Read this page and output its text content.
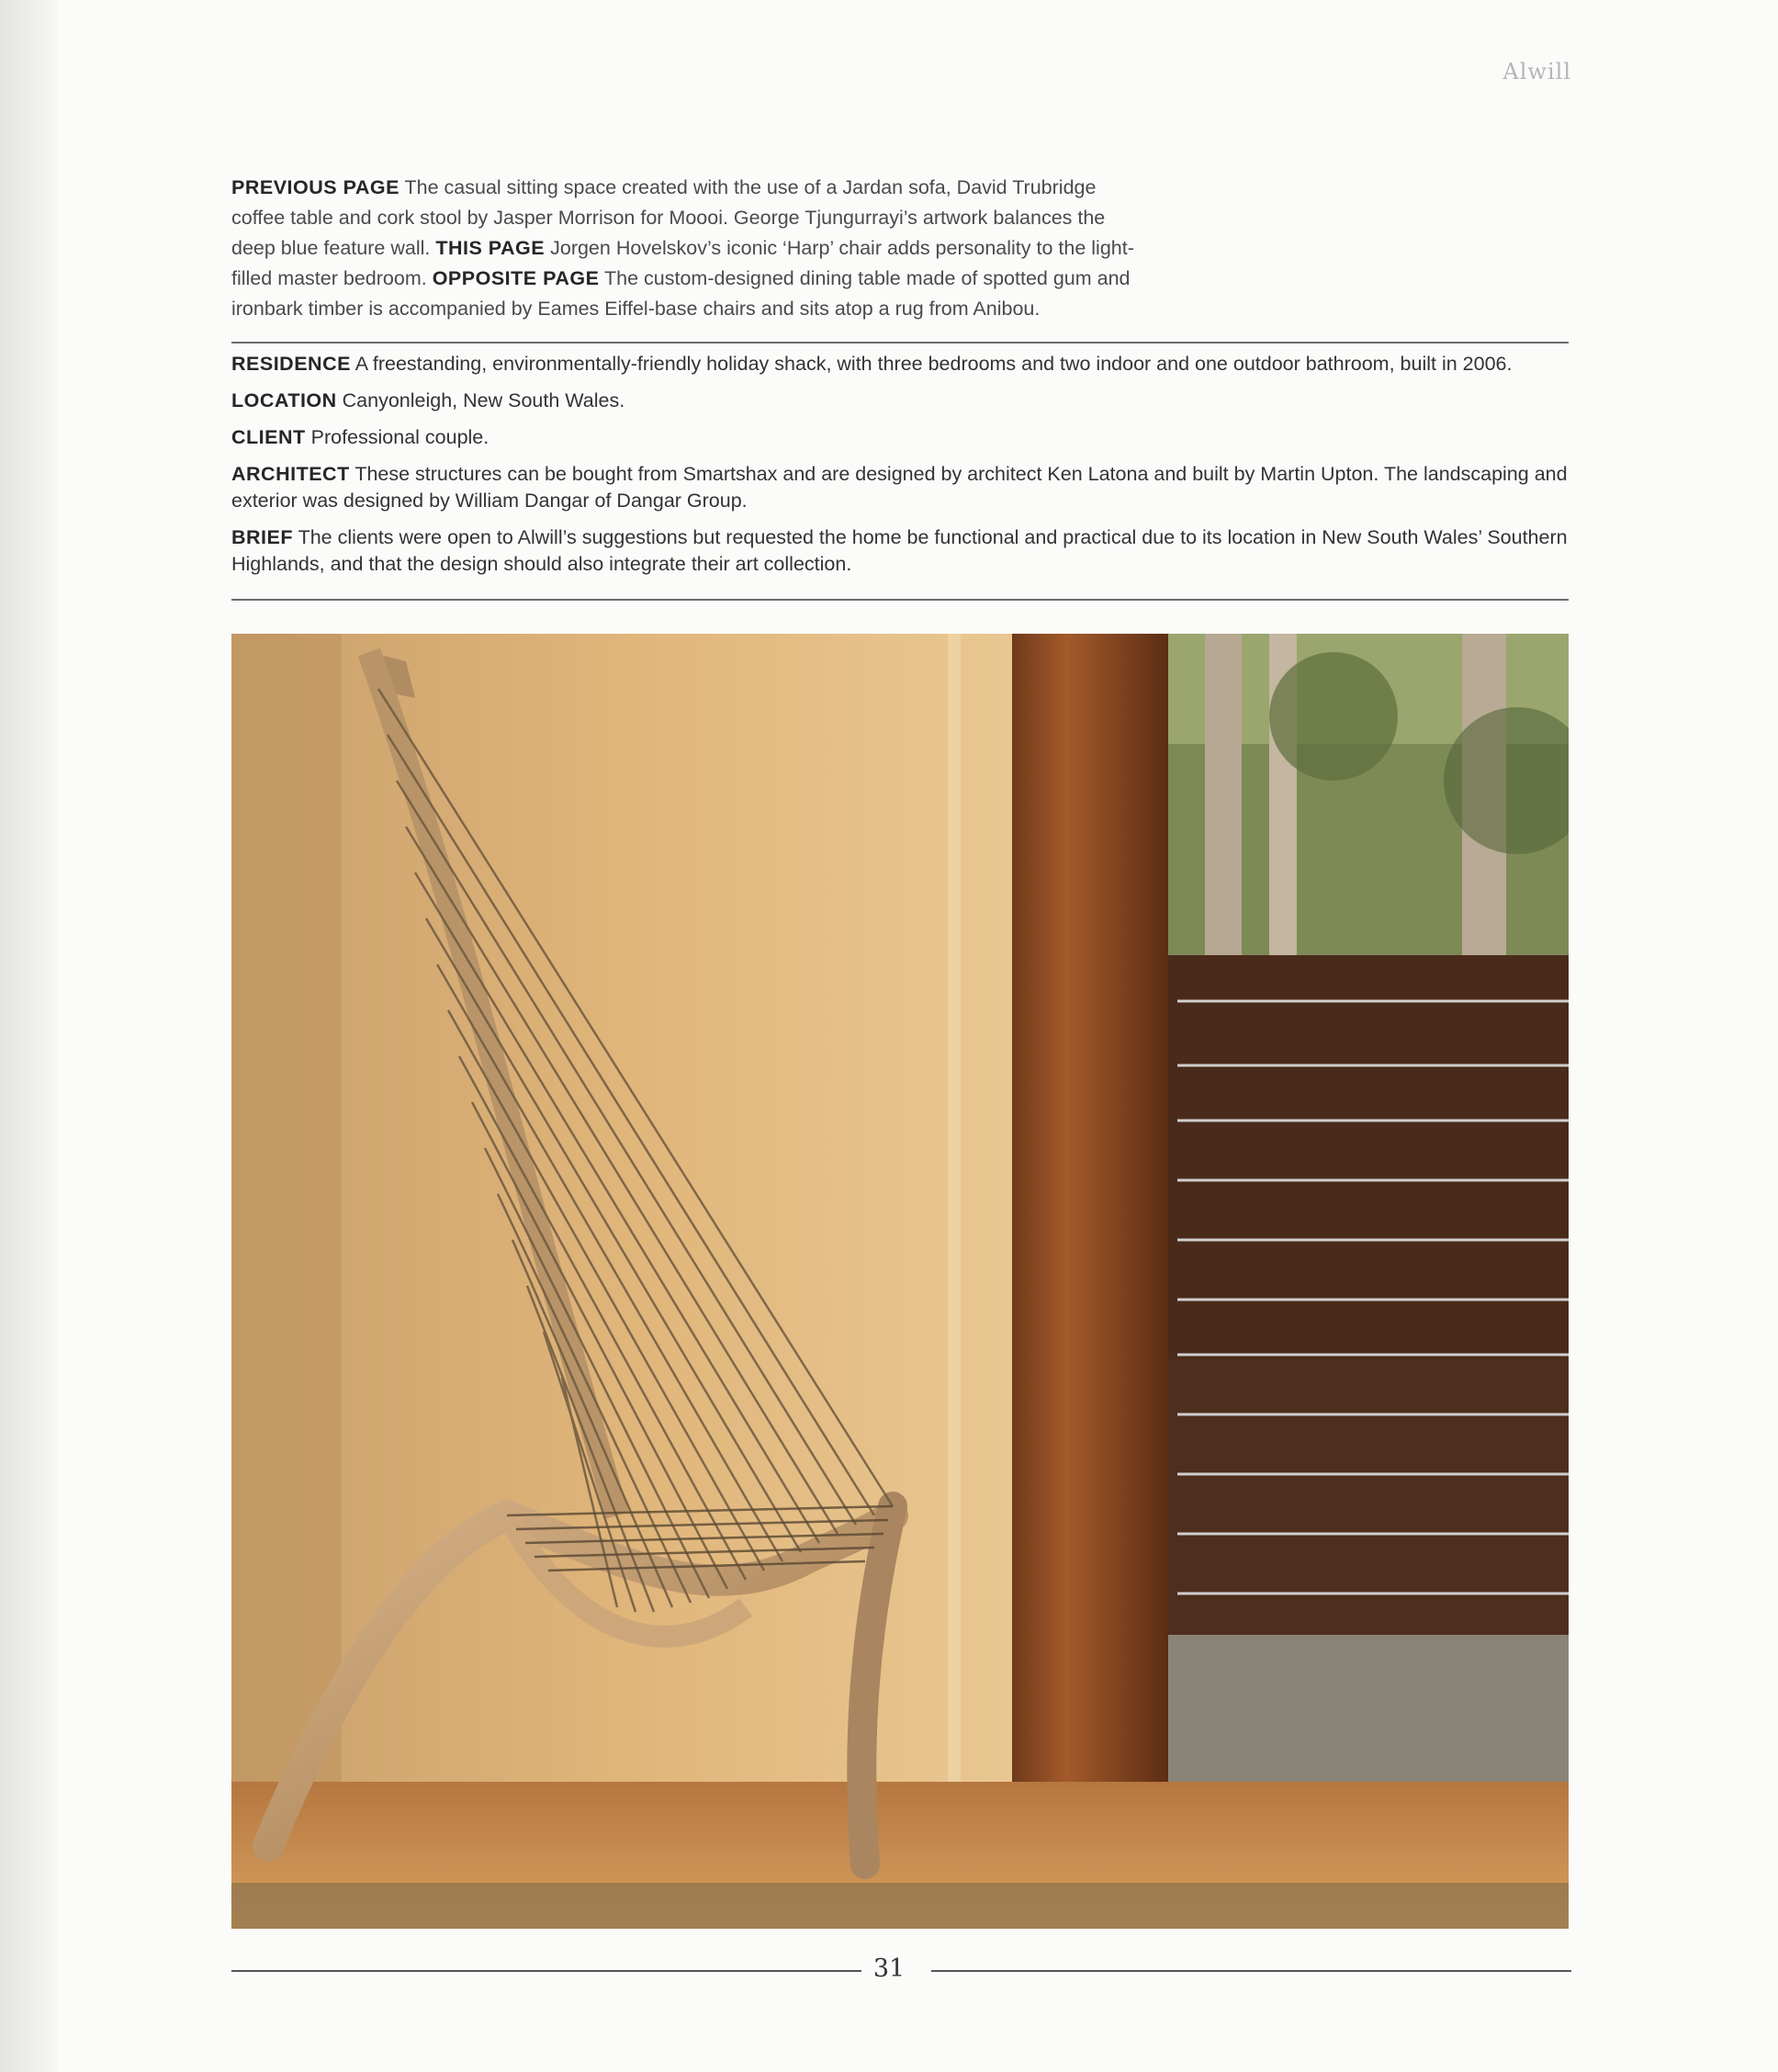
Alwill
PREVIOUS PAGE The casual sitting space created with the use of a Jardan sofa, David Trubridge coffee table and cork stool by Jasper Morrison for Moooi. George Tjungurrayi’s artwork balances the deep blue feature wall. THIS PAGE Jorgen Hovelskov’s iconic ‘Harp’ chair adds personality to the light-filled master bedroom. OPPOSITE PAGE The custom-designed dining table made of spotted gum and ironbark timber is accompanied by Eames Eiffel-base chairs and sits atop a rug from Anibou.

RESIDENCE A freestanding, environmentally-friendly holiday shack, with three bedrooms and two indoor and one outdoor bathroom, built in 2006.

LOCATION Canyonleigh, New South Wales.

CLIENT Professional couple.

ARCHITECT These structures can be bought from Smartshax and are designed by architect Ken Latona and built by Martin Upton. The landscaping and exterior was designed by William Dangar of Dangar Group.

BRIEF The clients were open to Alwill’s suggestions but requested the home be functional and practical due to its location in New South Wales’ Southern Highlands, and that the design should also integrate their art collection.

31
